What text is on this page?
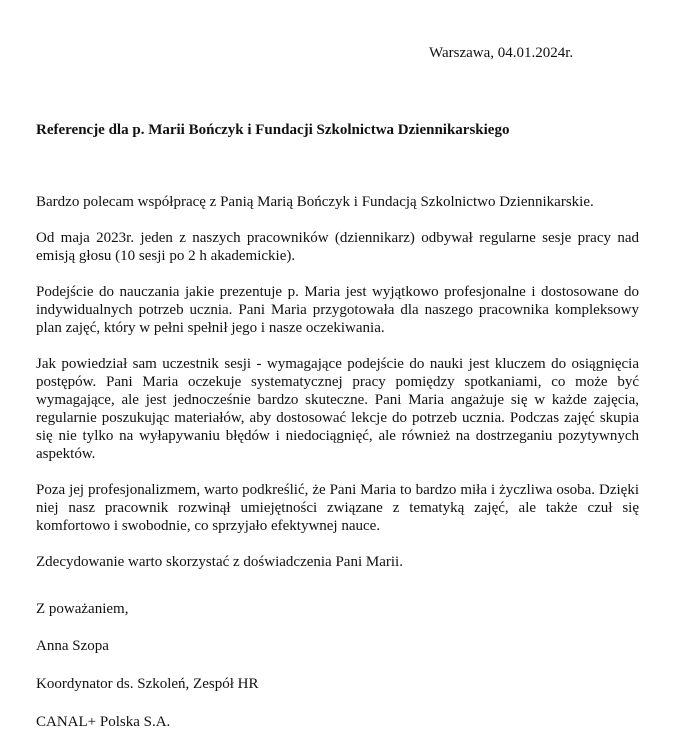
Warszawa, 04.01.2024r.
Referencje dla p. Marii Bończyk i Fundacji Szkolnictwa Dziennikarskiego

Bardzo polecam współpracę z Panią Marią Bończyk i Fundacją Szkolnictwo Dziennikarskie.

Od maja 2023r. jeden z naszych pracowników (dziennikarz) odbywał regularne sesje pracy nad emisją głosu (10 sesji po 2 h akademickie).

Podejście do nauczania jakie prezentuje p. Maria jest wyjątkowo profesjonalne i dostosowane do indywidualnych potrzeb ucznia. Pani Maria przygotowała dla naszego pracownika kompleksowy plan zajęć, który w pełni spełnił jego i nasze oczekiwania.

Jak powiedział sam uczestnik sesji - wymagające podejście do nauki jest kluczem do osiągnięcia postępów. Pani Maria oczekuje systematycznej pracy pomiędzy spotkaniami, co może być wymagające, ale jest jednocześnie bardzo skuteczne. Pani Maria angażuje się w każde zajęcia, regularnie poszukując materiałów, aby dostosować lekcje do potrzeb ucznia. Podczas zajęć skupia się nie tylko na wyłapywaniu błędów i niedociągnięć, ale również na dostrzeganiu pozytywnych aspektów.

Poza jej profesjonalizmem, warto podkreślić, że Pani Maria to bardzo miła i życzliwa osoba. Dzięki niej nasz pracownik rozwinął umiejętności związane z tematyką zajęć, ale także czuł się komfortowo i swobodnie, co sprzyjało efektywnej nauce.

Zdecydowanie warto skorzystać z doświadczenia Pani Marii.

Z poważaniem,
Anna Szopa
Koordynator ds. Szkoleń, Zespół HR
CANAL+ Polska S.A.
